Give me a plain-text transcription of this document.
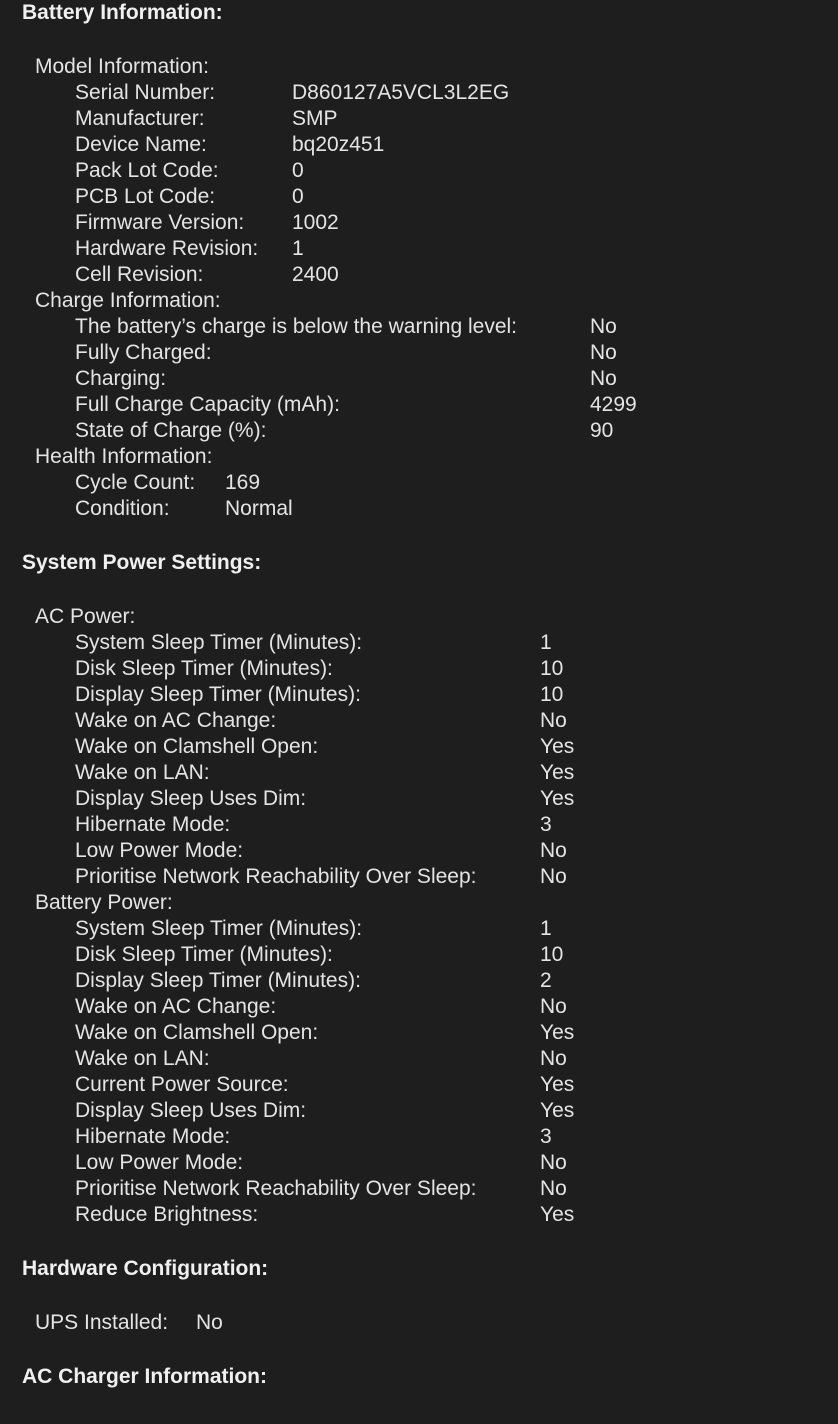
Battery Information:
Model Information:
Serial Number:	D860127A5VCL3L2EG
Manufacturer:	SMP
Device Name:	bq20z451
Pack Lot Code:	0
PCB Lot Code:	0
Firmware Version: 1002
Hardware Revision: 1
Cell Revision:	2400
Charge Information:
The battery’s charge is below the warning level:	No
Fully Charged:	No
Charging:	No
Full Charge Capacity (mAh):	4299
State of Charge (%):	90
Health Information:
Cycle Count: 169
Condition:	Normal
System Power Settings:
AC Power:
System Sleep Timer (Minutes):	1
Disk Sleep Timer (Minutes):	10
Display Sleep Timer (Minutes):	10
Wake on AC Change:	No
Wake on Clamshell Open:	Yes
Wake on LAN:	Yes
Display Sleep Uses Dim:	Yes
Hibernate Mode:	3
Low Power Mode:	No
Prioritise Network Reachability Over Sleep:	No
Battery Power:
System Sleep Timer (Minutes):	1
Disk Sleep Timer (Minutes):	10
Display Sleep Timer (Minutes):	2
Wake on AC Change:	No
Wake on Clamshell Open:	Yes
Wake on LAN:	No
Current Power Source:	Yes
Display Sleep Uses Dim:	Yes
Hibernate Mode:	3
Low Power Mode:	No
Prioritise Network Reachability Over Sleep:	No
Reduce Brightness:	Yes
Hardware Configuration:
UPS Installed: No
AC Charger Information:
